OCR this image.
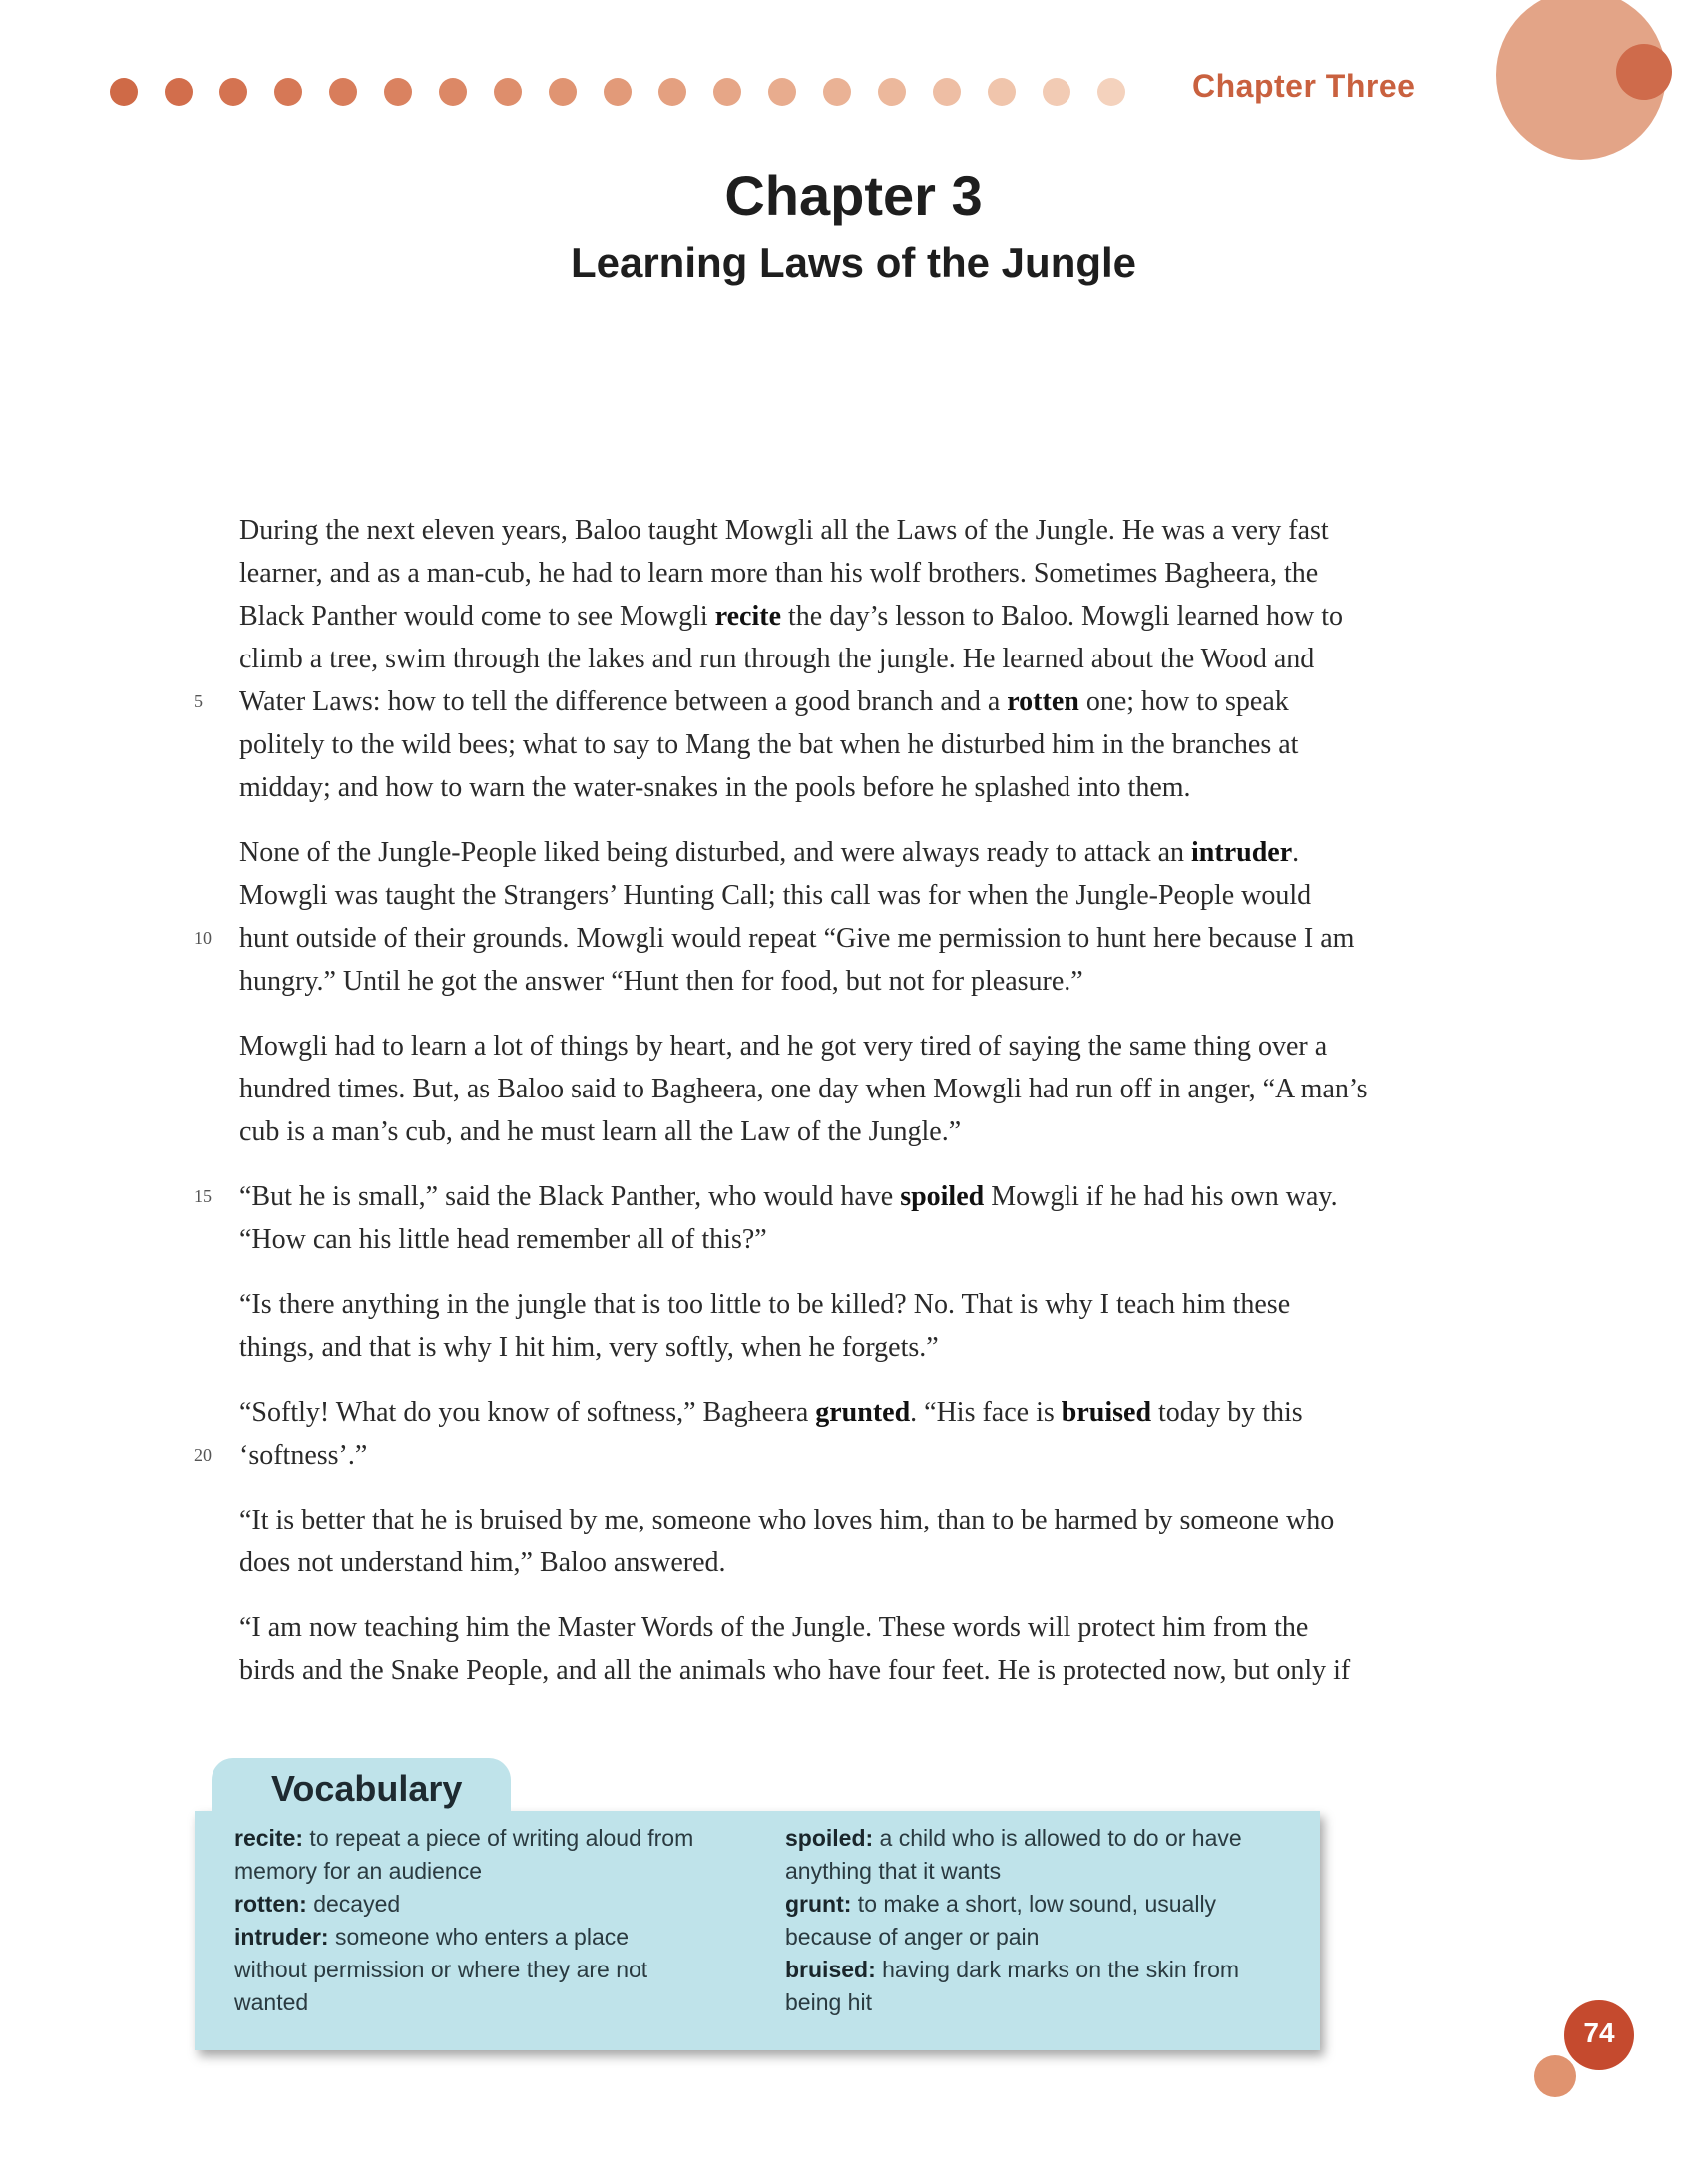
Chapter Three
Chapter 3
Learning Laws of the Jungle

During the next eleven years, Baloo taught Mowgli all the Laws of the Jungle. He was a very fast
learner, and as a man-cub, he had to learn more than his wolf brothers. Sometimes Bagheera, the
Black Panther would come to see Mowgli recite the day’s lesson to Baloo. Mowgli learned how to
climb a tree, swim through the lakes and run through the jungle. He learned about the Wood and
5	Water Laws: how to tell the difference between a good branch and a rotten one; how to speak
politely to the wild bees; what to say to Mang the bat when he disturbed him in the branches at
midday; and how to warn the water-snakes in the pools before he splashed into them.

None of the Jungle-People liked being disturbed, and were always ready to attack an intruder.
Mowgli was taught the Strangers’ Hunting Call; this call was for when the Jungle-People would
10	hunt outside of their grounds. Mowgli would repeat “Give me permission to hunt here because I am
hungry.” Until he got the answer “Hunt then for food, but not for pleasure.”

Mowgli had to learn a lot of things by heart, and he got very tired of saying the same thing over a
hundred times. But, as Baloo said to Bagheera, one day when Mowgli had run off in anger, “A man’s
cub is a man’s cub, and he must learn all the Law of the Jungle.”

15	“But he is small,” said the Black Panther, who would have spoiled Mowgli if he had his own way.
“How can his little head remember all of this?”

“Is there anything in the jungle that is too little to be killed? No. That is why I teach him these
things, and that is why I hit him, very softly, when he forgets.”

“Softly! What do you know of softness,” Bagheera grunted. “His face is bruised today by this
20	‘softness’.”

“It is better that he is bruised by me, someone who loves him, than to be harmed by someone who
does not understand him,” Baloo answered.

“I am now teaching him the Master Words of the Jungle. These words will protect him from the
birds and the Snake People, and all the animals who have four feet. He is protected now, but only if

Vocabulary
recite: to repeat a piece of writing aloud from
memory for an audience
rotten: decayed
intruder: someone who enters a place
without permission or where they are not
wanted
spoiled: a child who is allowed to do or have
anything that it wants
grunt: to make a short, low sound, usually
because of anger or pain
bruised: having dark marks on the skin from
being hit
74
